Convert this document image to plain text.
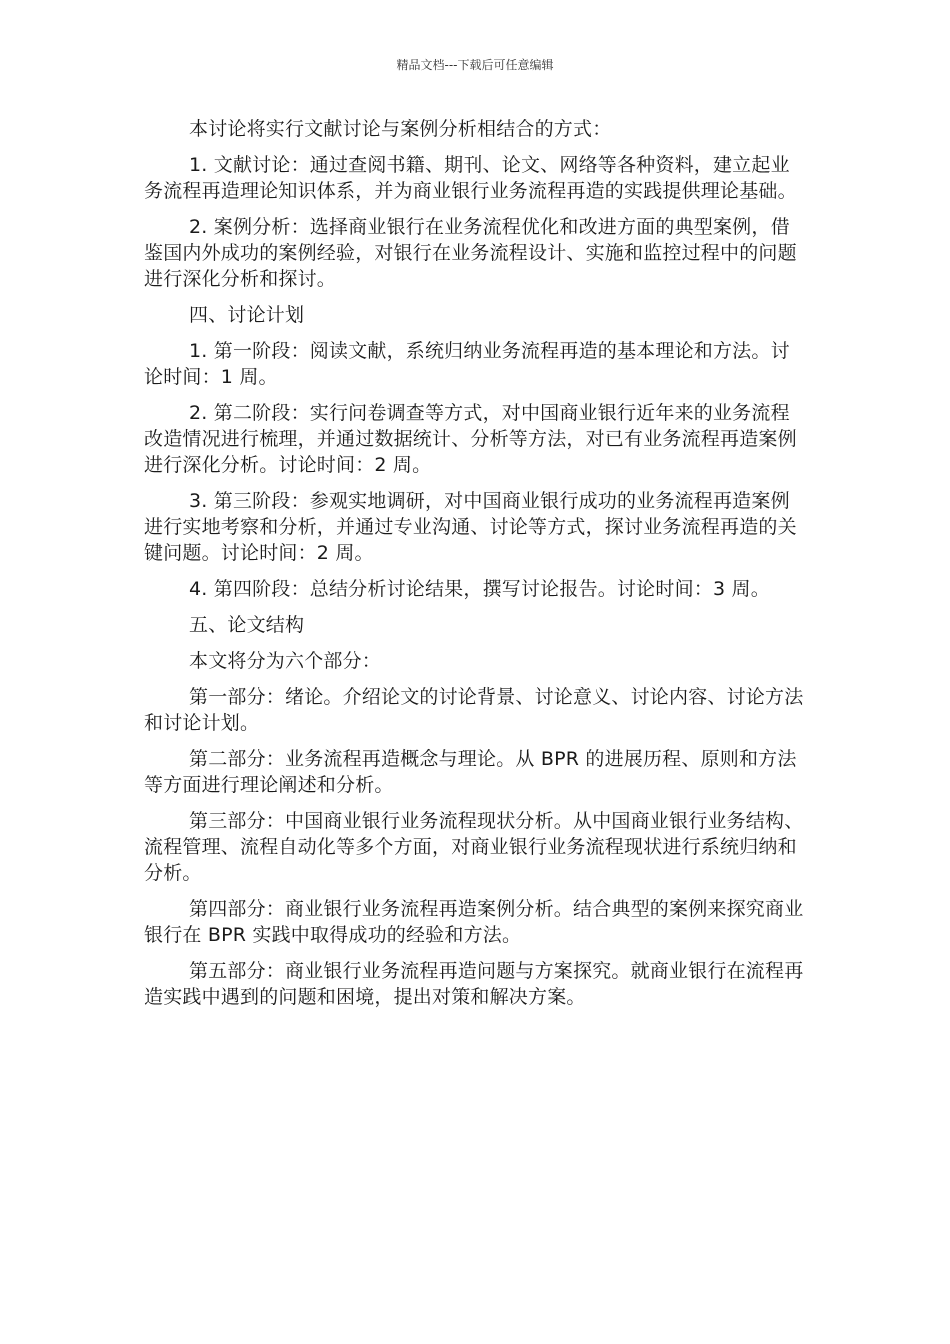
精品文档---下载后可任意编辑

本讨论将实行文献讨论与案例分析相结合的方式：

1. 文献讨论：通过查阅书籍、期刊、论文、网络等各种资料，建立起业务流程再造理论知识体系，并为商业银行业务流程再造的实践提供理论基础。

2. 案例分析：选择商业银行在业务流程优化和改进方面的典型案例，借鉴国内外成功的案例经验，对银行在业务流程设计、实施和监控过程中的问题进行深化分析和探讨。

四、讨论计划

1. 第一阶段：阅读文献，系统归纳业务流程再造的基本理论和方法。讨论时间：1 周。

2. 第二阶段：实行问卷调查等方式，对中国商业银行近年来的业务流程改造情况进行梳理，并通过数据统计、分析等方法，对已有业务流程再造案例进行深化分析。讨论时间：2 周。

3. 第三阶段：参观实地调研，对中国商业银行成功的业务流程再造案例进行实地考察和分析，并通过专业沟通、讨论等方式，探讨业务流程再造的关键问题。讨论时间：2 周。

4. 第四阶段：总结分析讨论结果，撰写讨论报告。讨论时间：3 周。

五、论文结构

本文将分为六个部分：

第一部分：绪论。介绍论文的讨论背景、讨论意义、讨论内容、讨论方法和讨论计划。

第二部分：业务流程再造概念与理论。从 BPR 的进展历程、原则和方法等方面进行理论阐述和分析。

第三部分：中国商业银行业务流程现状分析。从中国商业银行业务结构、流程管理、流程自动化等多个方面，对商业银行业务流程现状进行系统归纳和分析。

第四部分：商业银行业务流程再造案例分析。结合典型的案例来探究商业银行在 BPR 实践中取得成功的经验和方法。

第五部分：商业银行业务流程再造问题与方案探究。就商业银行在流程再造实践中遇到的问题和困境，提出对策和解决方案。
